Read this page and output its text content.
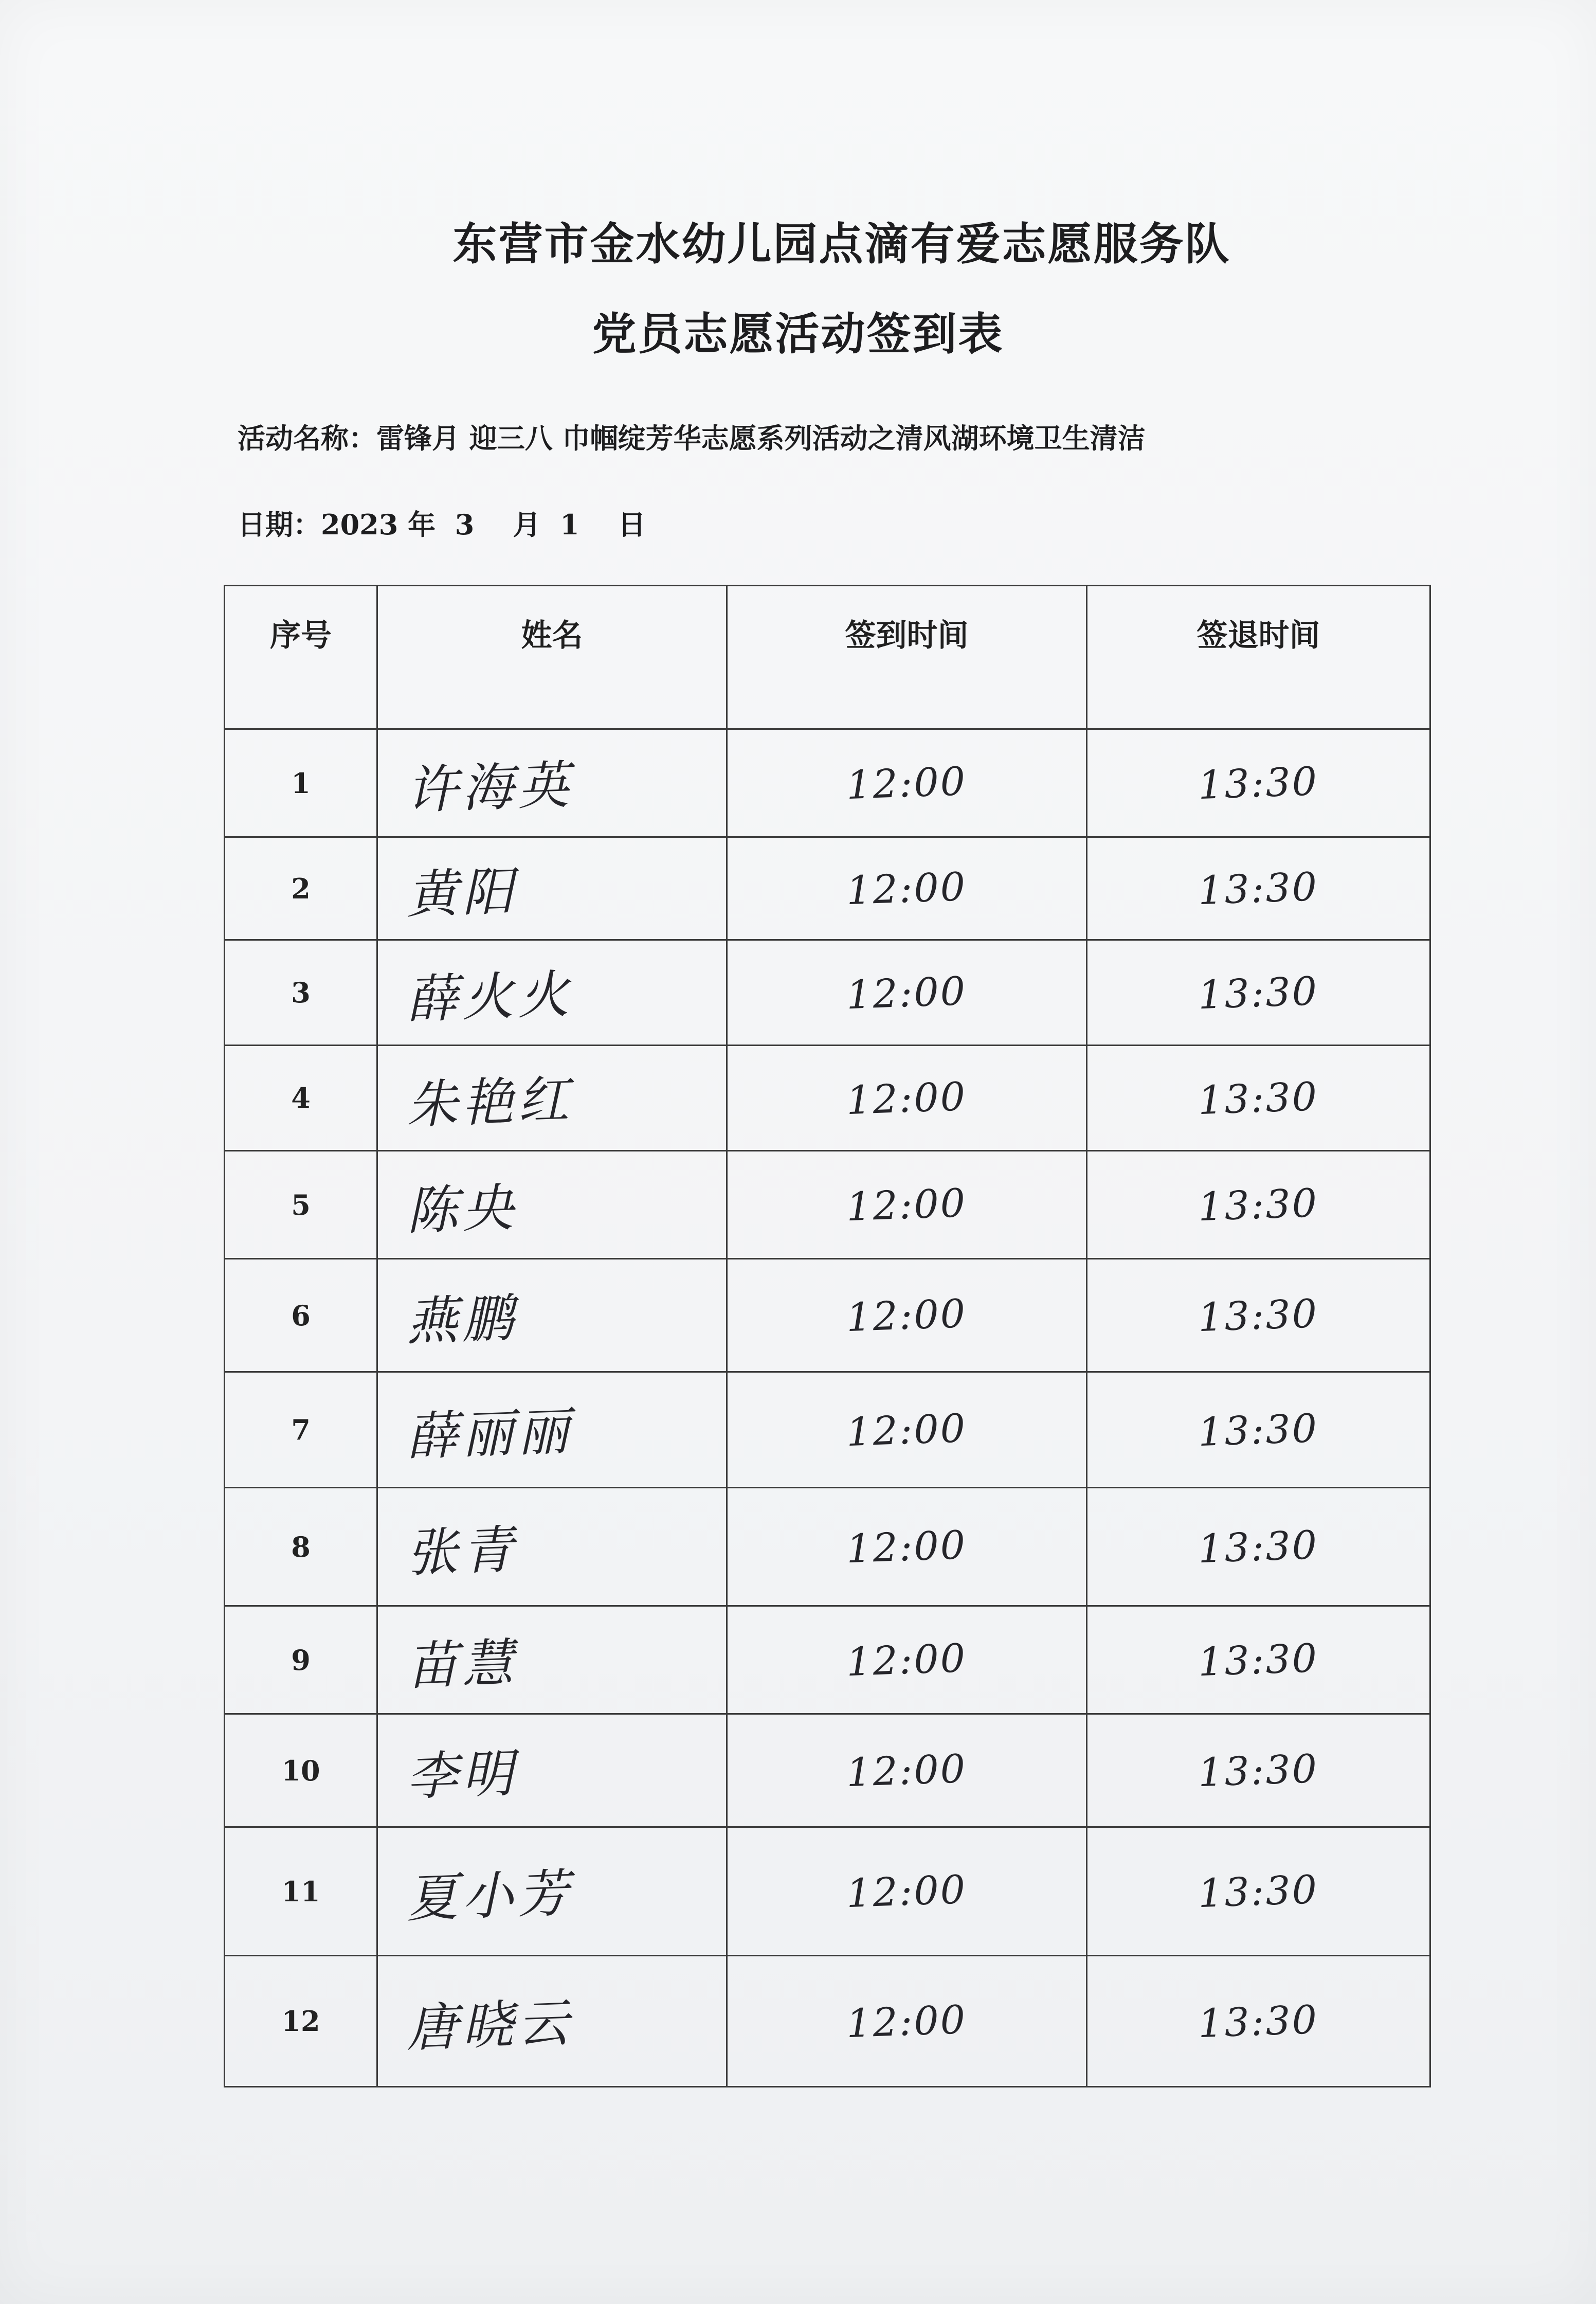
东营市金水幼儿园点滴有爱志愿服务队
党员志愿活动签到表
活动名称：雷锋月 迎三八 巾帼绽芳华志愿系列活动之清风湖环境卫生清洁
日期：2023 年 3 月 1 日
序号	姓名	签到时间	签退时间
1	许海英	12:00	13:30
2	黄阳	12:00	13:30
3	薛火火	12:00	13:30
4	朱艳红	12:00	13:30
5	陈央	12:00	13:30
6	燕鹏	12:00	13:30
7	薛丽丽	12:00	13:30
8	张青	12:00	13:30
9	苗慧	12:00	13:30
10	李明	12:00	13:30
11	夏小芳	12:00	13:30
12	唐晓云	12:00	13:30
